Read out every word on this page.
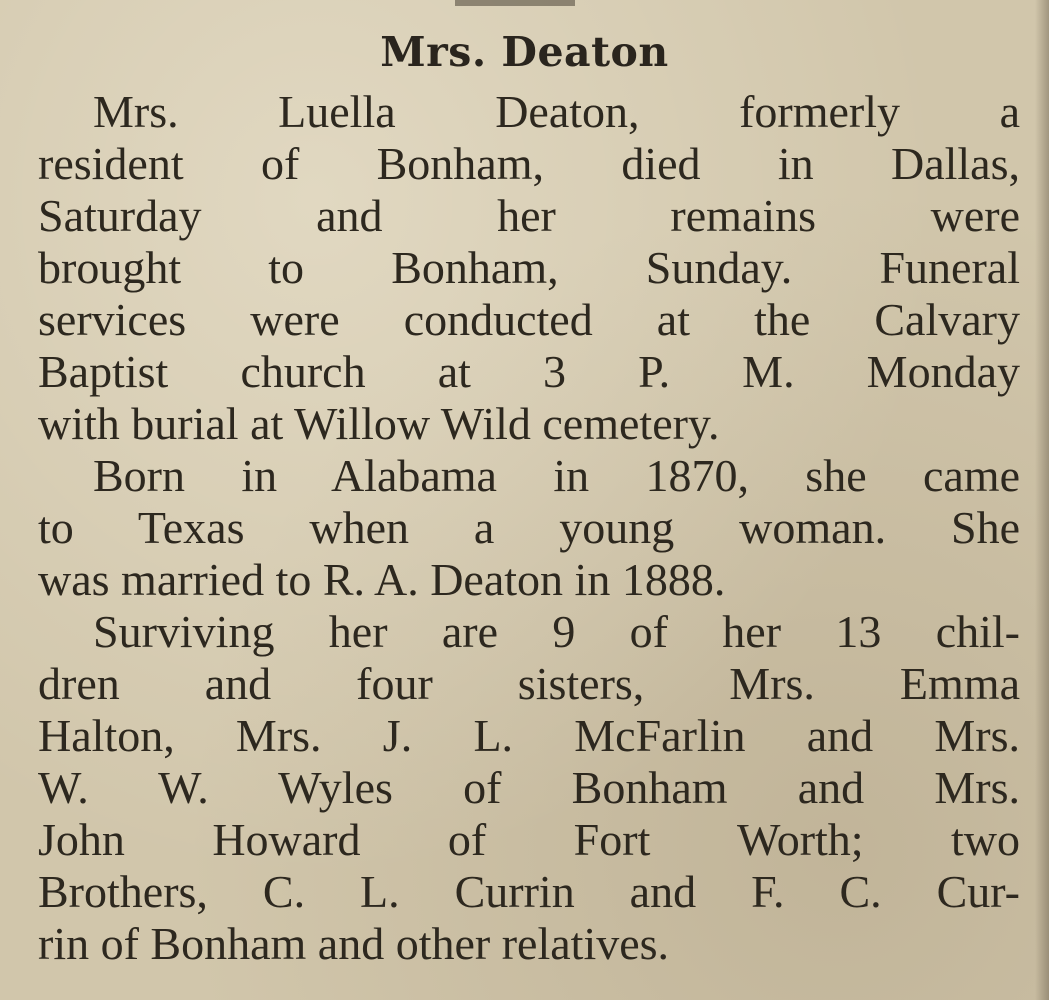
Mrs. Deaton
Mrs. Luella Deaton, formerly a
resident of Bonham, died in Dallas,
Saturday and her remains were
brought to Bonham, Sunday. Funeral
services were conducted at the Calvary
Baptist church at 3 P. M. Monday
with burial at Willow Wild cemetery.
Born in Alabama in 1870, she came
to Texas when a young woman. She
was married to R. A. Deaton in 1888.
Surviving her are 9 of her 13 chil-
dren and four sisters, Mrs. Emma
Halton, Mrs. J. L. McFarlin and Mrs.
W. W. Wyles of Bonham and Mrs.
John Howard of Fort Worth; two
Brothers, C. L. Currin and F. C. Cur-
rin of Bonham and other relatives.
